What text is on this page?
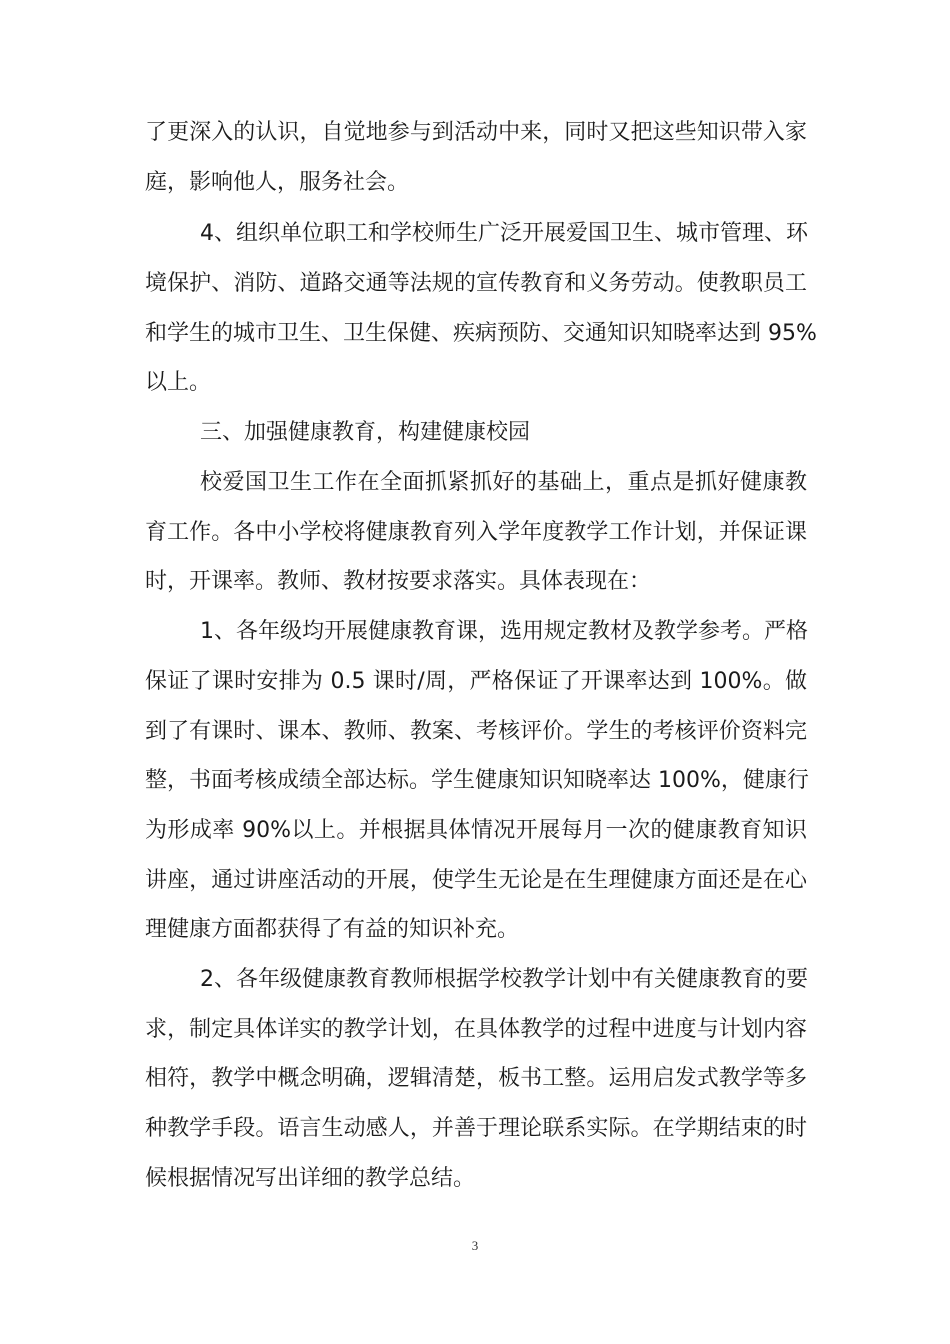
了更深入的认识，自觉地参与到活动中来，同时又把这些知识带入家
庭，影响他人，服务社会。
4、组织单位职工和学校师生广泛开展爱国卫生、城市管理、环
境保护、消防、道路交通等法规的宣传教育和义务劳动。使教职员工
和学生的城市卫生、卫生保健、疾病预防、交通知识知晓率达到 95%
以上。
三、加强健康教育，构建健康校园
校爱国卫生工作在全面抓紧抓好的基础上，重点是抓好健康教
育工作。各中小学校将健康教育列入学年度教学工作计划，并保证课
时，开课率。教师、教材按要求落实。具体表现在：
1、各年级均开展健康教育课，选用规定教材及教学参考。严格
保证了课时安排为 0.5 课时/周，严格保证了开课率达到 100%。做
到了有课时、课本、教师、教案、考核评价。学生的考核评价资料完
整，书面考核成绩全部达标。学生健康知识知晓率达 100%，健康行
为形成率 90%以上。并根据具体情况开展每月一次的健康教育知识
讲座，通过讲座活动的开展，使学生无论是在生理健康方面还是在心
理健康方面都获得了有益的知识补充。
2、各年级健康教育教师根据学校教学计划中有关健康教育的要
求，制定具体详实的教学计划，在具体教学的过程中进度与计划内容
相符，教学中概念明确，逻辑清楚，板书工整。运用启发式教学等多
种教学手段。语言生动感人，并善于理论联系实际。在学期结束的时
候根据情况写出详细的教学总结。
3
